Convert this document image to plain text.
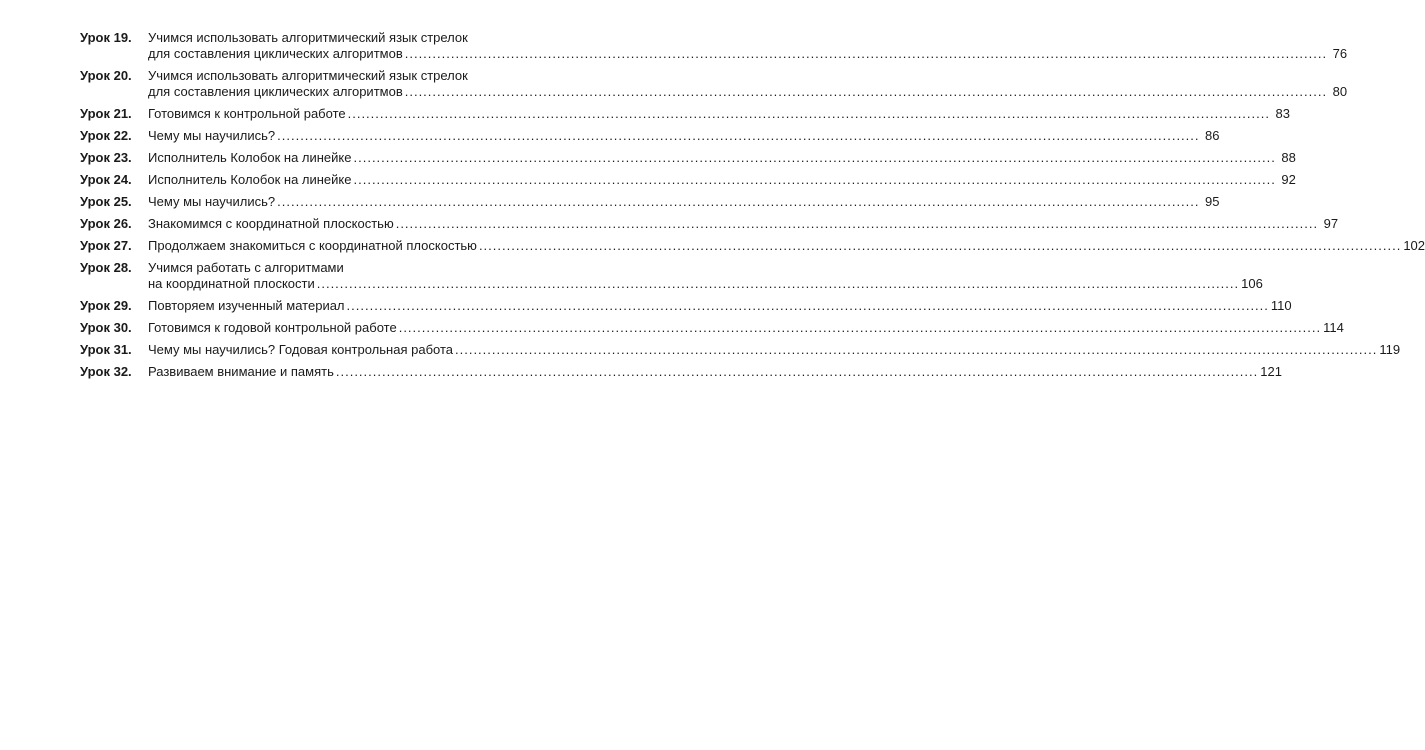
Урок 19.	Учимся использовать алгоритмический язык стрелок
для составления циклических алгоритмов .....	76
Урок 20.	Учимся использовать алгоритмический язык стрелок
для составления циклических алгоритмов .....	80
Урок 21.	Готовимся к контрольной работе .....	83
Урок 22.	Чему мы научились? .....	86
Урок 23.	Исполнитель Колобок на линейке .....	88
Урок 24.	Исполнитель Колобок на линейке .....	92
Урок 25.	Чему мы научились? .....	95
Урок 26.	Знакомимся с координатной плоскостью .....	97
Урок 27.	Продолжаем знакомиться с координатной плоскостью .....	102
Урок 28.	Учимся работать с алгоритмами
на координатной плоскости .....	106
Урок 29.	Повторяем изученный материал .....	110
Урок 30.	Готовимся к годовой контрольной работе .....	114
Урок 31.	Чему мы научились? Годовая контрольная работа .....	119
Урок 32.	Развиваем внимание и память .....	121
